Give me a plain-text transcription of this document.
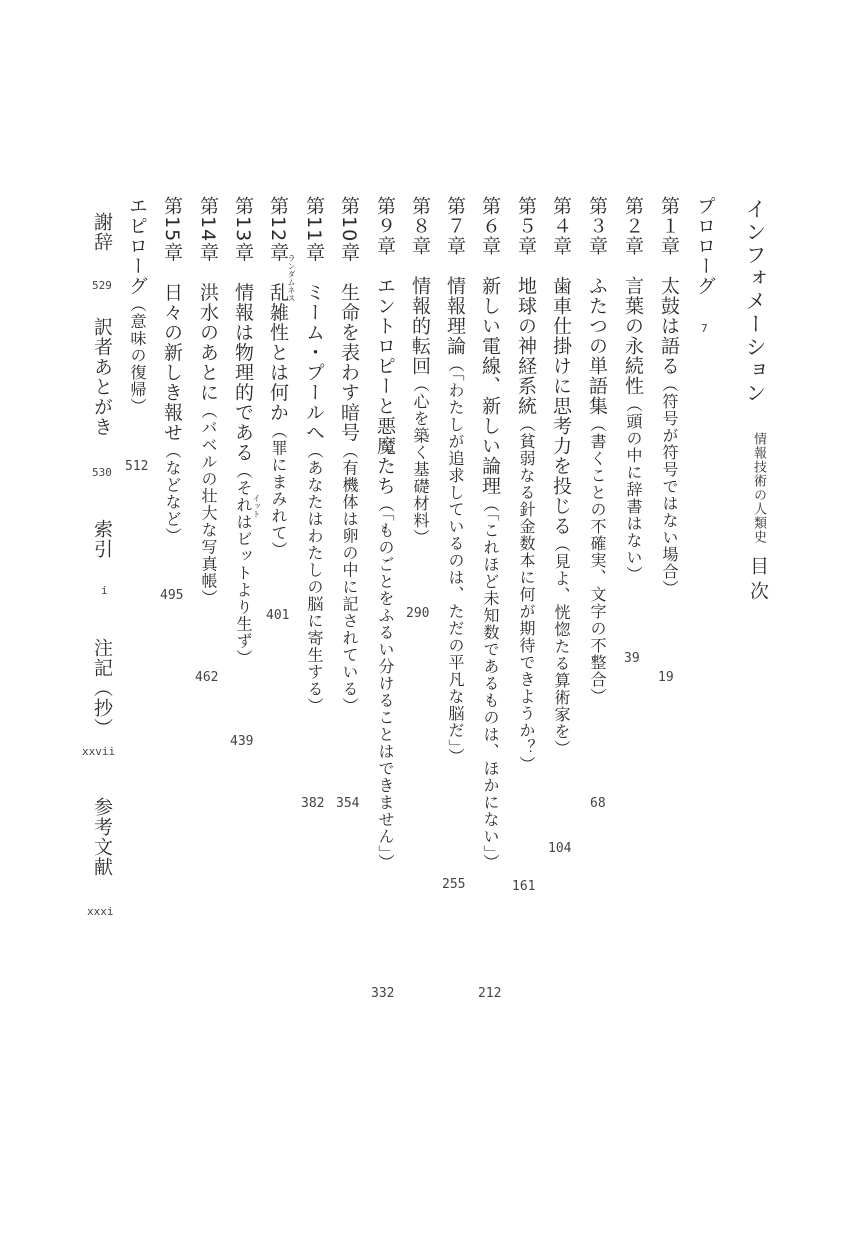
インフォメーション
情報技術の人類史
目次
プロローグ
7
第１章　太鼓は語る（符号が符号ではない場合）
19
第２章　言葉の永続性（頭の中に辞書はない）
39
第３章　ふたつの単語集（書くことの不確実、文字の不整合）
68
第４章　歯車仕掛けに思考力を投じる（見よ、恍惚たる算術家を）
104
第５章　地球の神経系統（貧弱なる針金数本に何が期待できようか？）
161
第６章　新しい電線、新しい論理（「これほど未知数であるものは、ほかにない」）
212
第７章　情報理論（「わたしが追求しているのは、ただの平凡な脳だ」）
255
第８章　情報的転回（心を築く基礎材料）
290
第９章　エントロピーと悪魔たち（「ものごとをふるい分けることはできません」）
332
第10章　生命を表わす暗号（有機体は卵の中に記されている）
354
第11章　ミーム・プールへ（あなたはわたしの脳に寄生する）
382
第12章　乱雑性とは何か（罪にまみれて）
ランダムネス
401
第13章　情報は物理的である（それはビットより生ず） イット
439
第14章　洪水のあとに（バベルの壮大な写真帳）
462
第15章　日々の新しき報せ（などなど）
495
エピローグ（意味の復帰）
512
謝辞
529
訳者あとがき
530
索引
i
注記（抄）
xxvii
参考文献
xxxi
